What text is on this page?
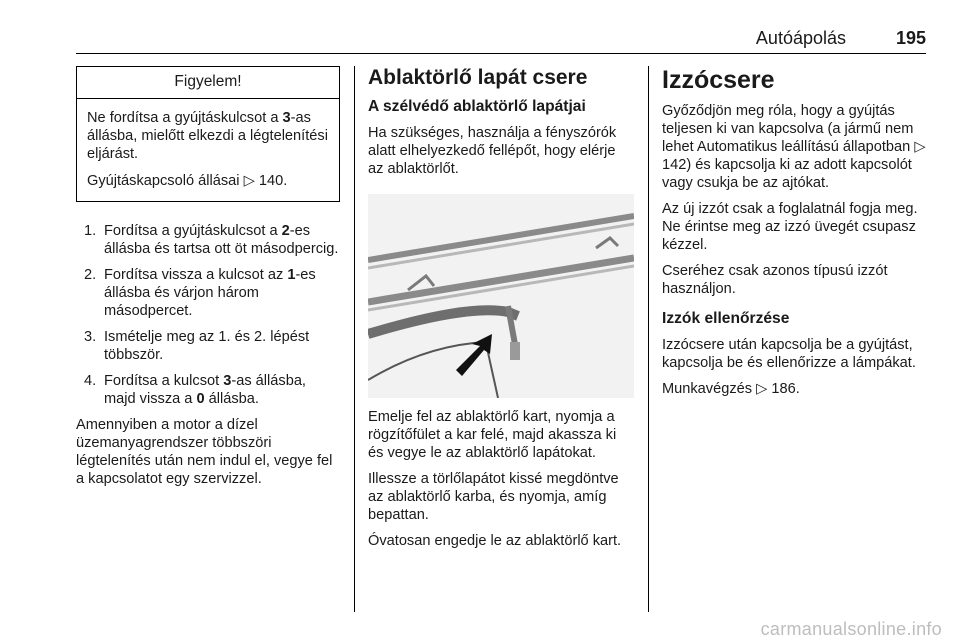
Autóápolás	195
Figyelem!

Ne fordítsa a gyújtáskulcsot a 3-as állásba, mielőtt elkezdi a légtelenítési eljárást.

Gyújtáskapcsoló állásai ▷ 140.

1. Fordítsa a gyújtáskulcsot a 2-es állásba és tartsa ott öt másodpercig.
2. Fordítsa vissza a kulcsot az 1-es állásba és várjon három másodpercet.
3. Ismételje meg az 1. és 2. lépést többször.
4. Fordítsa a kulcsot 3-as állásba, majd vissza a 0 állásba.

Amennyiben a motor a dízel üzemanyagrendszer többszöri légtelenítés után nem indul el, vegye fel a kapcsolatot egy szervizzel.

Ablaktörlő lapát csere
A szélvédő ablaktörlő lapátjai

Ha szükséges, használja a fényszórók alatt elhelyezkedő fellépőt, hogy elérje az ablaktörlőt.

Emelje fel az ablaktörlő kart, nyomja a rögzítőfület a kar felé, majd akassza ki és vegye le az ablaktörlő lapátokat.

Illessze a törlőlapátot kissé megdöntve az ablaktörlő karba, és nyomja, amíg bepattan.

Óvatosan engedje le az ablaktörlő kart.

Izzócsere

Győződjön meg róla, hogy a gyújtás teljesen ki van kapcsolva (a jármű nem lehet Automatikus leállítású állapotban ▷ 142) és kapcsolja ki az adott kapcsolót vagy csukja be az ajtókat.

Az új izzót csak a foglalatnál fogja meg. Ne érintse meg az izzó üvegét csupasz kézzel.

Cseréhez csak azonos típusú izzót használjon.

Izzók ellenőrzése

Izzócsere után kapcsolja be a gyújtást, kapcsolja be és ellenőrizze a lámpákat.

Munkavégzés ▷ 186.

carmanualsonline.info
